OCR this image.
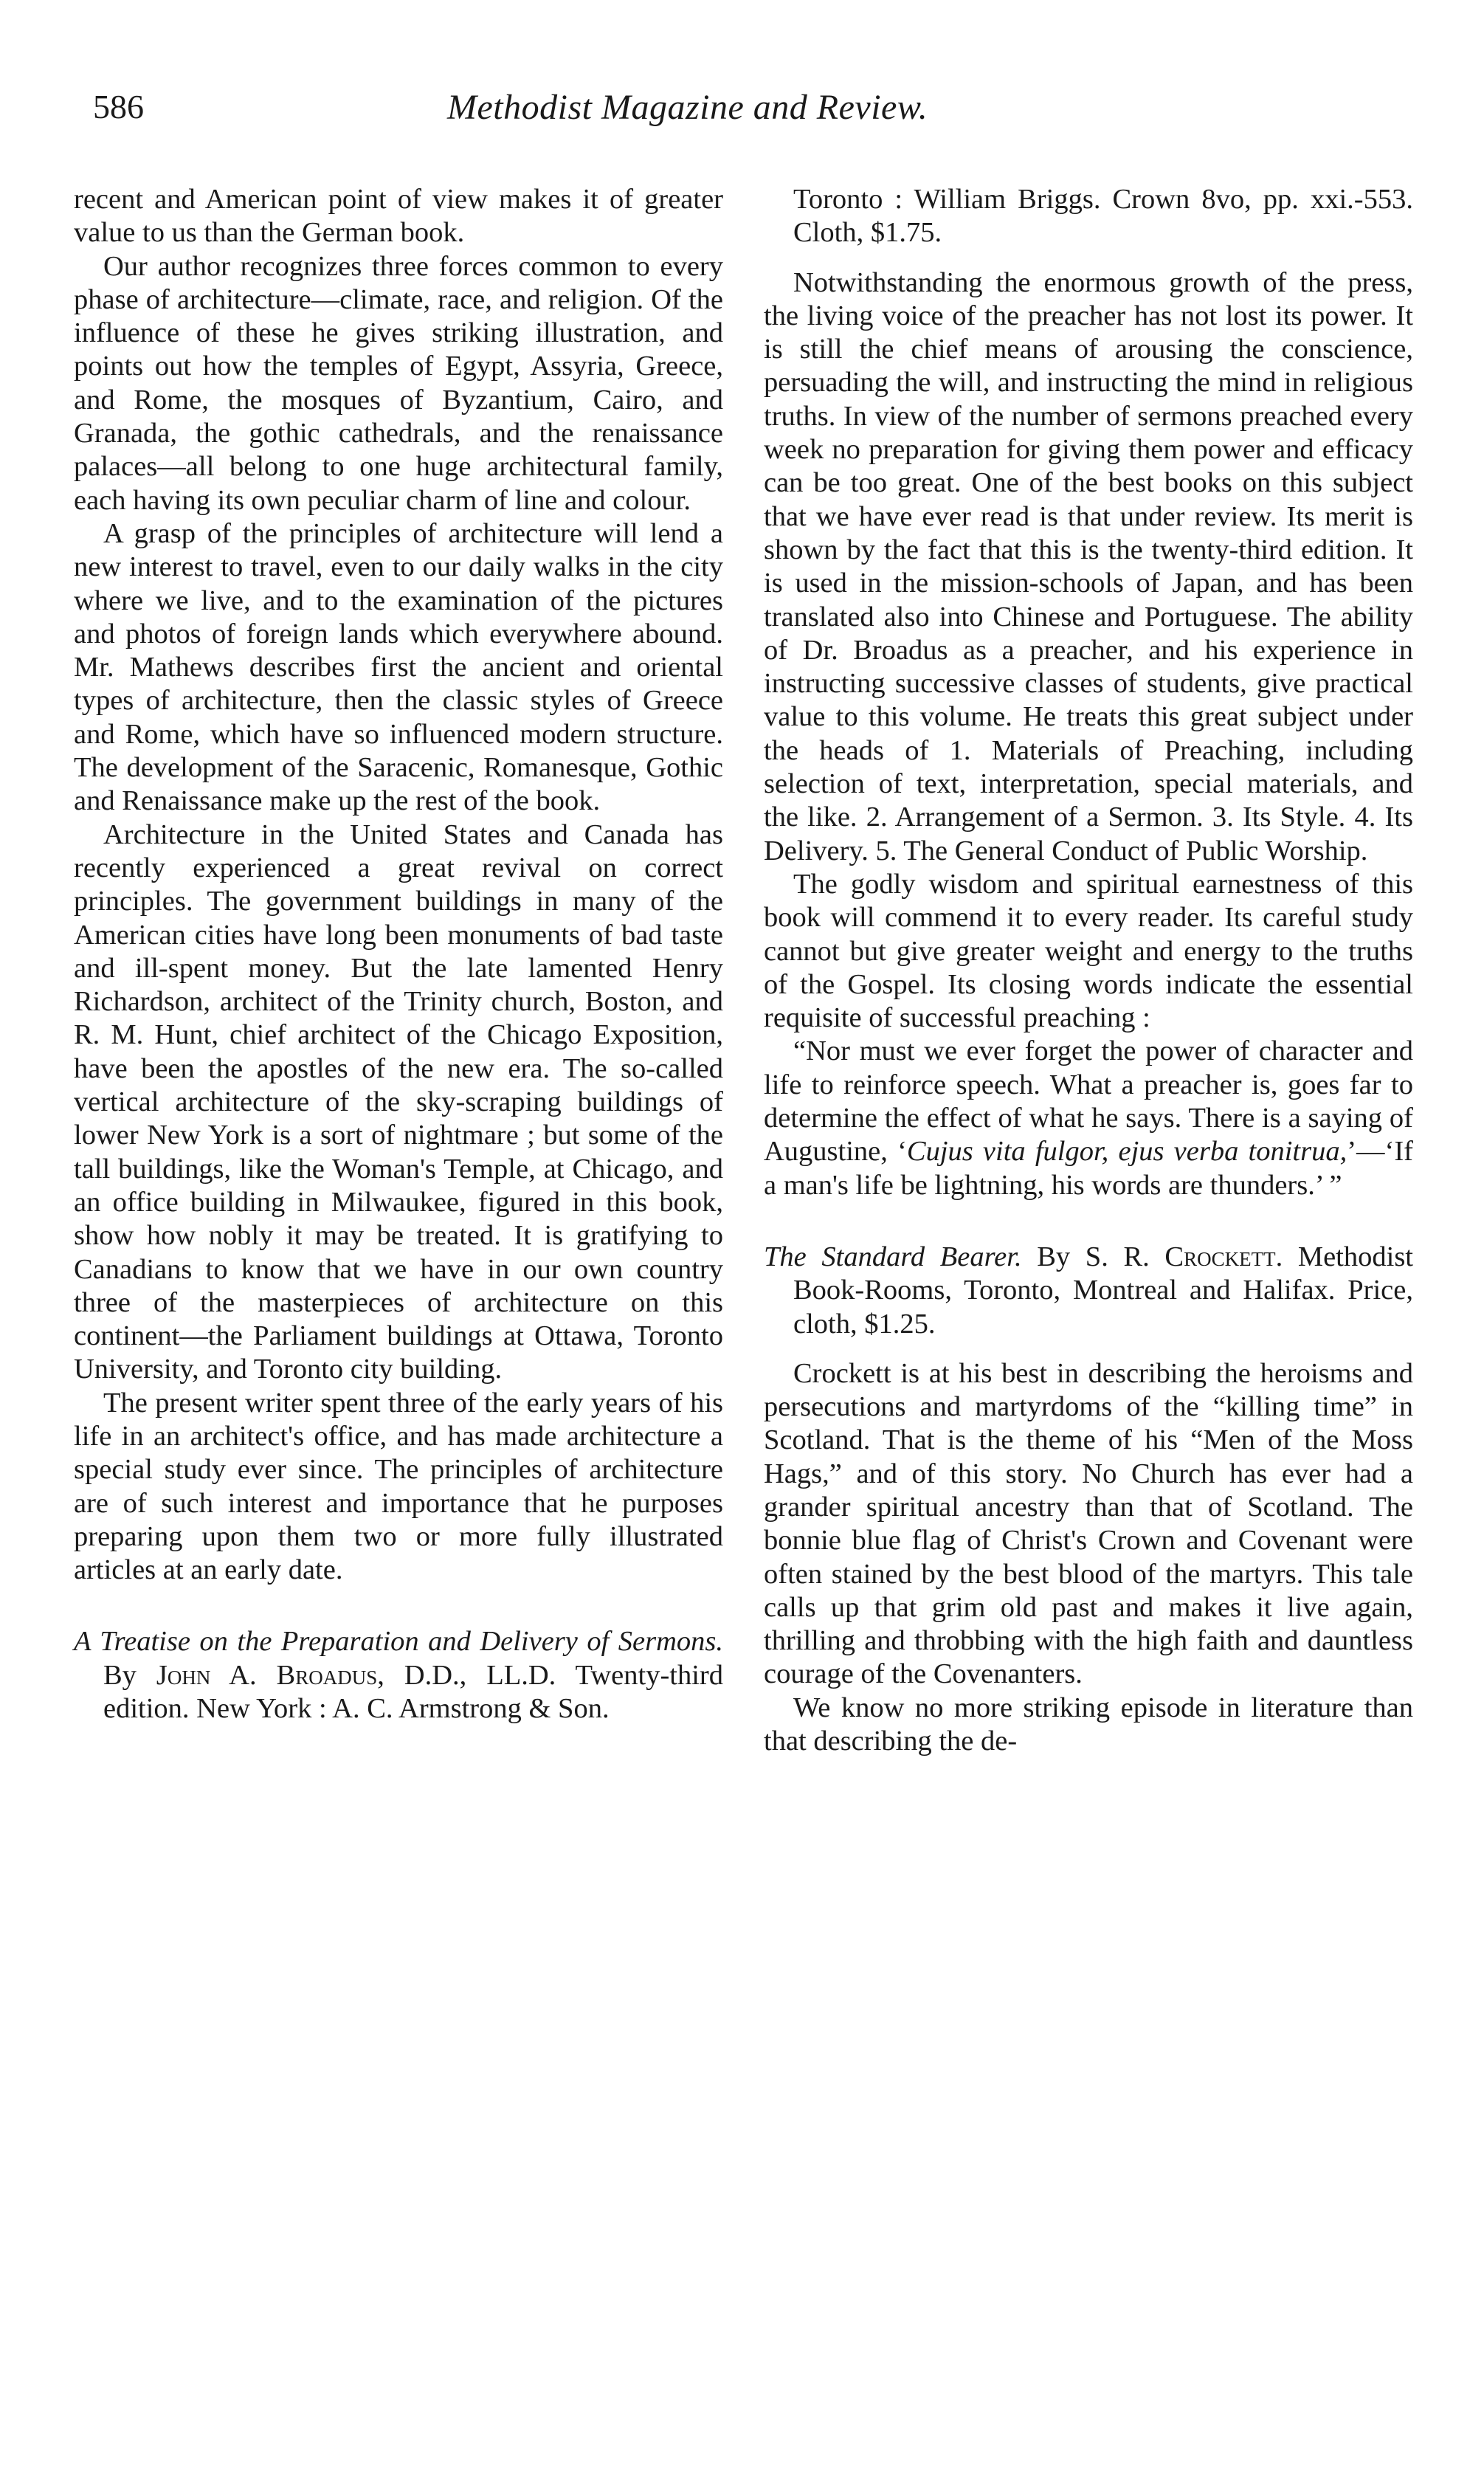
586	Methodist Magazine and Review.

recent and American point of view makes it of greater value to us than the German book.

Our author recognizes three forces common to every phase of architecture—climate, race, and religion. Of the influence of these he gives striking illustration, and points out how the temples of Egypt, Assyria, Greece, and Rome, the mosques of Byzantium, Cairo, and Granada, the gothic cathedrals, and the renaissance palaces—all belong to one huge architectural family, each having its own peculiar charm of line and colour.

A grasp of the principles of architecture will lend a new interest to travel, even to our daily walks in the city where we live, and to the examination of the pictures and photos of foreign lands which everywhere abound. Mr. Mathews describes first the ancient and oriental types of architecture, then the classic styles of Greece and Rome, which have so influenced modern structure. The development of the Saracenic, Romanesque, Gothic and Renaissance make up the rest of the book.

Architecture in the United States and Canada has recently experienced a great revival on correct principles. The government buildings in many of the American cities have long been monuments of bad taste and ill-spent money. But the late lamented Henry Richardson, architect of the Trinity church, Boston, and R. M. Hunt, chief architect of the Chicago Exposition, have been the apostles of the new era. The so-called vertical architecture of the sky-scraping buildings of lower New York is a sort of nightmare ; but some of the tall buildings, like the Woman's Temple, at Chicago, and an office building in Milwaukee, figured in this book, show how nobly it may be treated. It is gratifying to Canadians to know that we have in our own country three of the masterpieces of architecture on this continent—the Parliament buildings at Ottawa, Toronto University, and Toronto city building.

The present writer spent three of the early years of his life in an architect's office, and has made architecture a special study ever since. The principles of architecture are of such interest and importance that he purposes preparing upon them two or more fully illustrated articles at an early date.

A Treatise on the Preparation and Delivery of Sermons. By John A. Broadus, D.D., LL.D. Twenty-third edition. New York : A. C. Armstrong & Son.

Toronto : William Briggs. Crown 8vo, pp. xxi.-553. Cloth, $1.75.

Notwithstanding the enormous growth of the press, the living voice of the preacher has not lost its power. It is still the chief means of arousing the conscience, persuading the will, and instructing the mind in religious truths. In view of the number of sermons preached every week no preparation for giving them power and efficacy can be too great. One of the best books on this subject that we have ever read is that under review. Its merit is shown by the fact that this is the twenty-third edition. It is used in the mission-schools of Japan, and has been translated also into Chinese and Portuguese. The ability of Dr. Broadus as a preacher, and his experience in instructing successive classes of students, give practical value to this volume. He treats this great subject under the heads of 1. Materials of Preaching, including selection of text, interpretation, special materials, and the like. 2. Arrangement of a Sermon. 3. Its Style. 4. Its Delivery. 5. The General Conduct of Public Worship.

The godly wisdom and spiritual earnestness of this book will commend it to every reader. Its careful study cannot but give greater weight and energy to the truths of the Gospel. Its closing words indicate the essential requisite of successful preaching :

“Nor must we ever forget the power of character and life to reinforce speech. What a preacher is, goes far to determine the effect of what he says. There is a saying of Augustine, ‘Cujus vita fulgor, ejus verba tonitrua,’—‘If a man's life be lightning, his words are thunders.’ ”

The Standard Bearer. By S. R. Crockett. Methodist Book-Rooms, Toronto, Montreal and Halifax. Price, cloth, $1.25.

Crockett is at his best in describing the heroisms and persecutions and martyrdoms of the “killing time” in Scotland. That is the theme of his “Men of the Moss Hags,” and of this story. No Church has ever had a grander spiritual ancestry than that of Scotland. The bonnie blue flag of Christ's Crown and Covenant were often stained by the best blood of the martyrs. This tale calls up that grim old past and makes it live again, thrilling and throbbing with the high faith and dauntless courage of the Covenanters.

We know no more striking episode in literature than that describing the de-
